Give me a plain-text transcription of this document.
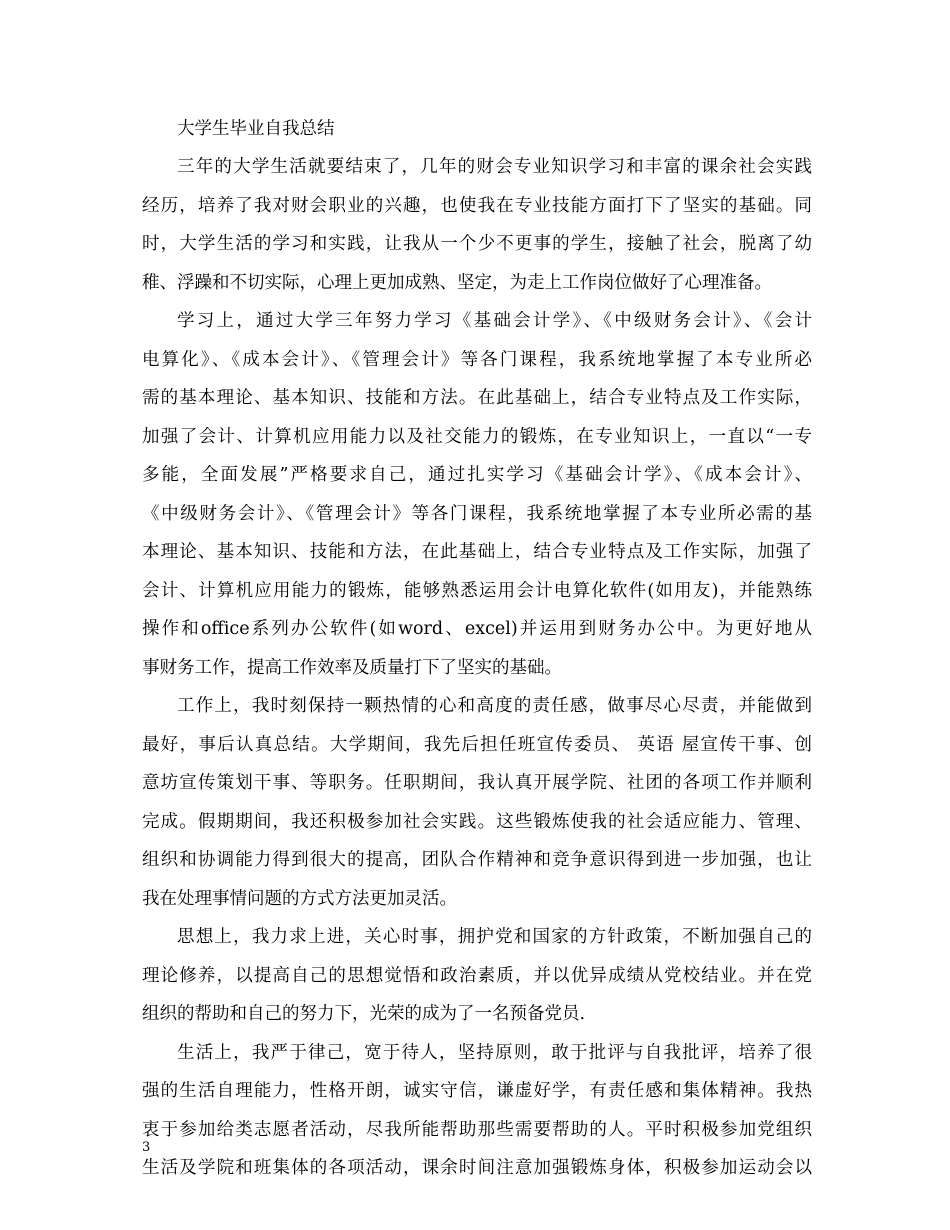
大学生毕业自我总结

三年的大学生活就要结束了，几年的财会专业知识学习和丰富的课余社会实践
经历，培养了我对财会职业的兴趣，也使我在专业技能方面打下了坚实的基础。同
时，大学生活的学习和实践，让我从一个少不更事的学生，接触了社会，脱离了幼
稚、浮躁和不切实际，心理上更加成熟、坚定，为走上工作岗位做好了心理准备。

学习上，通过大学三年努力学习《基础会计学》、《中级财务会计》、《会计
电算化》、《成本会计》、《管理会计》等各门课程，我系统地掌握了本专业所必
需的基本理论、基本知识、技能和方法。在此基础上，结合专业特点及工作实际，
加强了会计、计算机应用能力以及社交能力的锻炼，在专业知识上，一直以“一专
多能，全面发展”严格要求自己，通过扎实学习《基础会计学》、《成本会计》、
《中级财务会计》、《管理会计》等各门课程，我系统地掌握了本专业所必需的基
本理论、基本知识、技能和方法，在此基础上，结合专业特点及工作实际，加强了
会计、计算机应用能力的锻炼，能够熟悉运用会计电算化软件(如用友)，并能熟练
操作和office系列办公软件(如word、excel)并运用到财务办公中。为更好地从
事财务工作，提高工作效率及质量打下了坚实的基础。

工作上，我时刻保持一颗热情的心和高度的责任感，做事尽心尽责，并能做到
最好，事后认真总结。大学期间，我先后担任班宣传委员、 英语 屋宣传干事、创
意坊宣传策划干事、等职务。任职期间，我认真开展学院、社团的各项工作并顺利
完成。假期期间，我还积极参加社会实践。这些锻炼使我的社会适应能力、管理、
组织和协调能力得到很大的提高，团队合作精神和竞争意识得到进一步加强，也让
我在处理事情问题的方式方法更加灵活。

思想上，我力求上进，关心时事，拥护党和国家的方针政策，不断加强自己的
理论修养，以提高自己的思想觉悟和政治素质，并以优异成绩从党校结业。并在党
组织的帮助和自己的努力下，光荣的成为了一名预备党员.

生活上，我严于律己，宽于待人，坚持原则，敢于批评与自我批评，培养了很
强的生活自理能力，性格开朗，诚实守信，谦虚好学，有责任感和集体精神。我热
衷于参加给类志愿者活动，尽我所能帮助那些需要帮助的人。平时积极参加党组织
生活及学院和班集体的各项活动，课余时间注意加强锻炼身体，积极参加运动会以

3
